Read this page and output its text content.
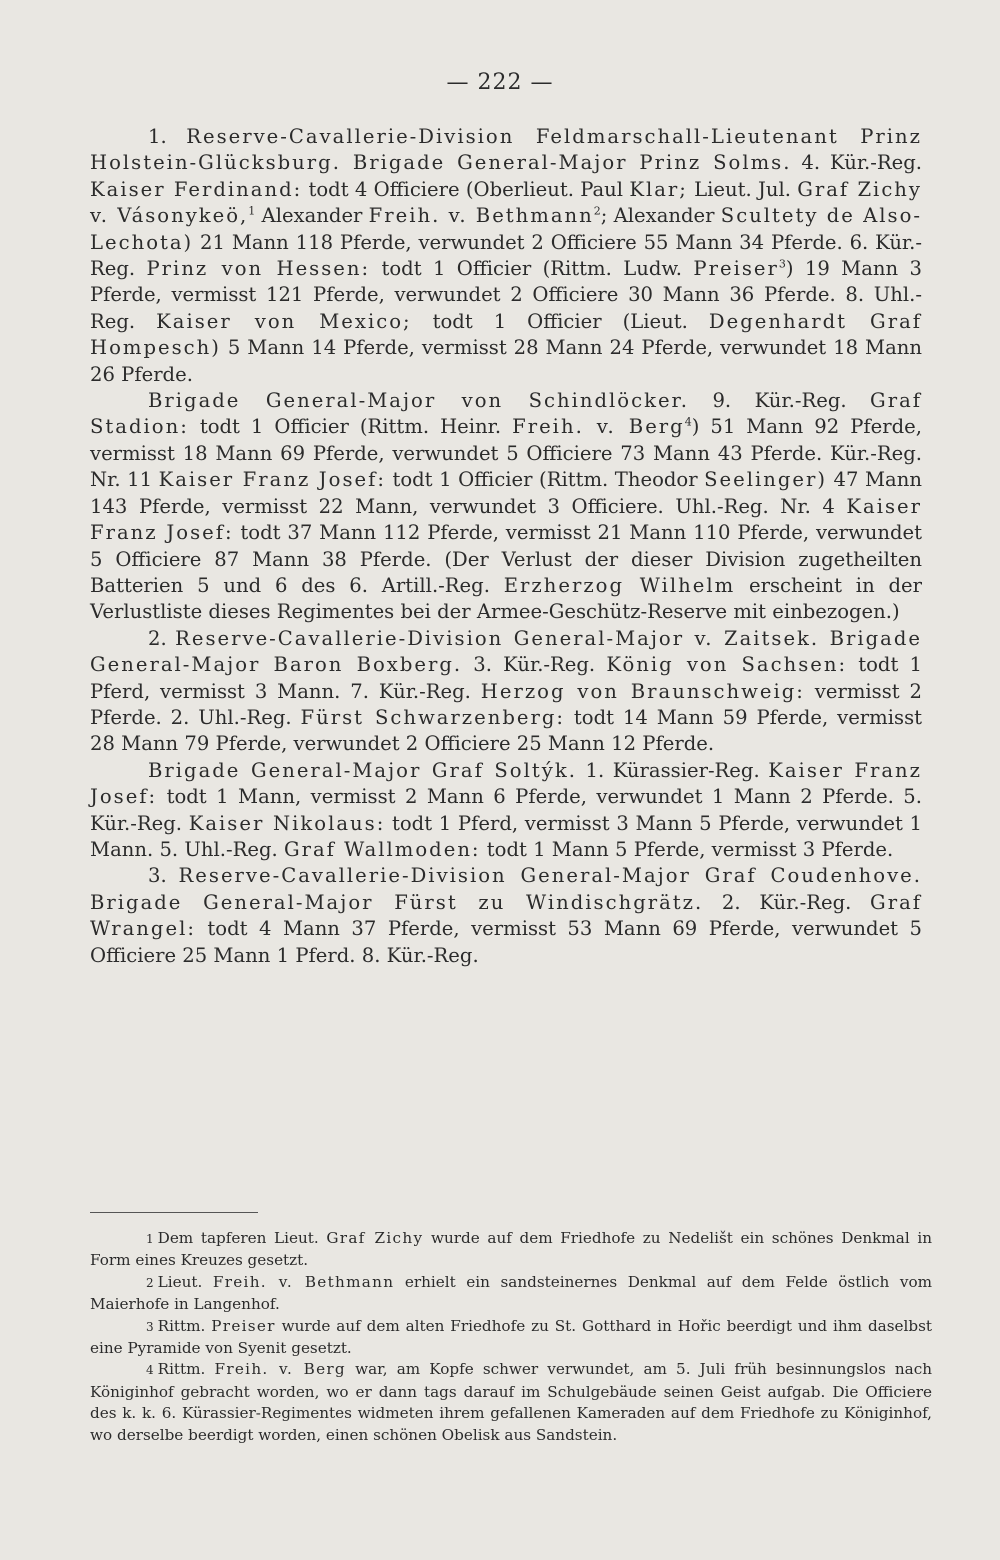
— 222 —

1. Reserve-Cavallerie-Division Feldmarschall-Lieutenant Prinz Holstein-Glücksburg. Brigade General-Major Prinz Solms. 4. Kür.-Reg. Kaiser Ferdinand: todt 4 Officiere (Oberlieut. Paul Klar; Lieut. Jul. Graf Zichy v. Vásonykeö,$^1$ Alexander Freih. v. Bethmann$^2$; Alexander Scultety de Also-Lechota) 21 Mann 118 Pferde, verwundet 2 Officiere 55 Mann 34 Pferde. 6. Kür.-Reg. Prinz von Hessen: todt 1 Officier (Rittm. Ludw. Preiser$^3$) 19 Mann 3 Pferde, vermisst 121 Pferde, verwundet 2 Officiere 30 Mann 36 Pferde. 8. Uhl.-Reg. Kaiser von Mexico; todt 1 Officier (Lieut. Degenhardt Graf Hompesch) 5 Mann 14 Pferde, vermisst 28 Mann 24 Pferde, verwundet 18 Mann 26 Pferde.

Brigade General-Major von Schindlöcker. 9. Kür.-Reg. Graf Stadion: todt 1 Officier (Rittm. Heinr. Freih. v. Berg$^4$) 51 Mann 92 Pferde, vermisst 18 Mann 69 Pferde, verwundet 5 Officiere 73 Mann 43 Pferde. Kür.-Reg. Nr. 11 Kaiser Franz Josef: todt 1 Officier (Rittm. Theodor Seelinger) 47 Mann 143 Pferde, vermisst 22 Mann, verwundet 3 Officiere. Uhl.-Reg. Nr. 4 Kaiser Franz Josef: todt 37 Mann 112 Pferde, vermisst 21 Mann 110 Pferde, verwundet 5 Officiere 87 Mann 38 Pferde. (Der Verlust der dieser Division zugetheilten Batterien 5 und 6 des 6. Artill.-Reg. Erzherzog Wilhelm erscheint in der Verlustliste dieses Regimentes bei der Armee-Geschütz-Reserve mit einbezogen.)

2. Reserve-Cavallerie-Division General-Major v. Zaitsek. Brigade General-Major Baron Boxberg. 3. Kür.-Reg. König von Sachsen: todt 1 Pferd, vermisst 3 Mann. 7. Kür.-Reg. Herzog von Braunschweig: vermisst 2 Pferde. 2. Uhl.-Reg. Fürst Schwarzenberg: todt 14 Mann 59 Pferde, vermisst 28 Mann 79 Pferde, verwundet 2 Officiere 25 Mann 12 Pferde.

Brigade General-Major Graf Soltýk. 1. Kürassier-Reg. Kaiser Franz Josef: todt 1 Mann, vermisst 2 Mann 6 Pferde, verwundet 1 Mann 2 Pferde. 5. Kür.-Reg. Kaiser Nikolaus: todt 1 Pferd, vermisst 3 Mann 5 Pferde, verwundet 1 Mann. 5. Uhl.-Reg. Graf Wallmoden: todt 1 Mann 5 Pferde, vermisst 3 Pferde.

3. Reserve-Cavallerie-Division General-Major Graf Coudenhove. Brigade General-Major Fürst zu Windischgrätz. 2. Kür.-Reg. Graf Wrangel: todt 4 Mann 37 Pferde, vermisst 53 Mann 69 Pferde, verwundet 5 Officiere 25 Mann 1 Pferd. 8. Kür.-Reg.

1 Dem tapferen Lieut. Graf Zichy wurde auf dem Friedhofe zu Nedelišt ein schönes Denkmal in Form eines Kreuzes gesetzt.

2 Lieut. Freih. v. Bethmann erhielt ein sandsteinernes Denkmal auf dem Felde östlich vom Maierhofe in Langenhof.

3 Rittm. Preiser wurde auf dem alten Friedhofe zu St. Gotthard in Hořic beerdigt und ihm daselbst eine Pyramide von Syenit gesetzt.

4 Rittm. Freih. v. Berg war, am Kopfe schwer verwundet, am 5. Juli früh besinnungslos nach Königinhof gebracht worden, wo er dann tags darauf im Schulgebäude seinen Geist aufgab. Die Officiere des k. k. 6. Kürassier-Regimentes widmeten ihrem gefallenen Kameraden auf dem Friedhofe zu Königinhof, wo derselbe beerdigt worden, einen schönen Obelisk aus Sandstein.
